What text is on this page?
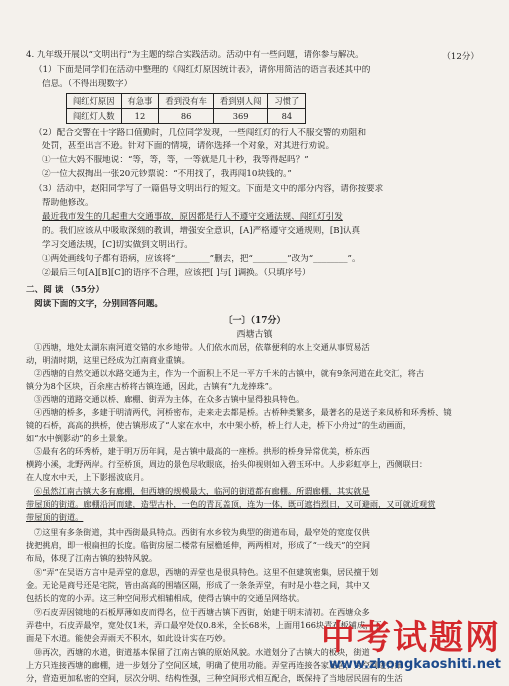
4. 九年级开展以“文明出行”为主题的综合实践活动。活动中有一些问题，请你参与解决。	（12分）
（1）下面是同学们在活动中整理的《闯红灯原因统计表》，请你用简洁的语言表述其中的
信息。（不得出现数字）
闯红灯原因	有急事	看到没有车	看到别人闯	习惯了
闯红灯人数	12	86	369	84
（2）配合交警在十字路口值勤时，几位同学发现，一些闯红灯的行人不服交警的劝阻和
处罚，甚至出言不逊。针对下面的情境，请你选择一个对象，对其进行劝说。
①一位大妈不服地说：“等，等，等，一等就是几十秒，我等得起吗？”
②一位大叔掏出一张20元钞票说：“不用找了，我再闯10块钱的。”
（3）活动中，赵阳同学写了一篇倡导文明出行的短文。下面是文中的部分内容，请你按要求
帮助他修改。
最近我市发生的几起重大交通事故，原因都是行人不遵守交通法规、闯红灯引发
的。我们应该从中吸取深刻的教训，增强安全意识，[A]严格遵守交通规则，[B]认真
学习交通法规，[C]切实做到文明出行。
①两处画线句子都有语病，应该将“________”删去，把“________”改为“________”。
②最后三句[A][B][C]的语序不合理，应该把[ ]与[ ]调换。（只填序号）
二、阅 读 （55分）
阅读下面的文字，分别回答问题。
〔一〕（17分）
西塘古镇
①西塘，地处太湖东南河道交错的水乡地带。人们依水而居，依靠便利的水上交通从事贸易活
动，明清时期，这里已经成为江南商业重镇。
②西塘的自然交通以水路交通为主，作为一个面积上不足一平方千米的古镇中，就有9条河道在此交汇，将古
镇分为8个区块，百余座古桥将古镇连通，因此，古镇有“九龙捧珠”。
③西塘的道路交通以桥、廊棚、街弄为主体，在众多古镇中显得独具特色。
④西塘的桥多，多建于明清两代，河桥密布，走来走去都是桥。古桥种类繁多，最著名的是送子来凤桥和环秀桥、镜
镜的石桥，高高的拱桥，使古镇形成了“人家在水中，水中架小桥，桥上行人走，桥下小舟过”的生动画面，
如“水中倒影动”的乡土景象。
⑤最有名的环秀桥，建于明万历年间，是古镇中最高的一座桥。拱形的桥身异常优美，桥东西
横跨小溪，北野两岸。行至桥顶，周边的景色尽收眼底，抬头仰视则如入碧玉环中。人步彩虹亭上，西侧联曰：
在人度水中天，上下影摇波底月。
⑥虽然江南古镇大多有廊棚，但西塘的规模最大，临河的街道都有廊棚。所谓廊棚，其实就是
带屋顶的街道。廊棚沿河而建，造型古朴，一色的青瓦盖顶，连为一体，既可遮挡烈日，又可避雨，又可就近观赏
带屋顶的街道。
⑦这里有多条街道，其中西街最具特点。西街有水乡较为典型的街道布局，最窄处的宽度仅供
拢把挑肩，即一根扁担的长度。临街房屋二楼常有屋檐延伸，两两相对，形成了“一线天”的空间
布局，体现了江南古镇的独特风貌。
⑧“弄”在吴语方言中是弄堂的意思，西塘的弄堂也是很具特色。这里不但建筑密集，居民擅于划
金。无论是商号还是宅院，皆由高高的围墙区隔，形成了一条条弄堂，有时是小巷之间，其中又
包括长的宽的小弄。这三种空间形式相辅相成，使得古镇中的交通呈网络状。
⑨石皮弄因镜地的石板厚薄如皮而得名，位于西塘古镇下西街，始建于明末清初。在西塘众多
弄巷中，石皮弄最窄，宽处仅1米，弄口最窄处仅0.8米，全长68米，上面用166块青石板铺成，下
面是下水道。能使会弄雨天不积水，如此设计实在巧妙。
⑩再次，西塘的水道，街道基本保留了江南古镇的原始风貌。水道划分了古镇大的板块，街道
上方只连接西塘的廊棚，进一步划分了空间区域，明确了使用功能。弄堂再连接各家屋舍，为空间进行细
分，营造更加私密的空间，层次分明、结构性强，三种空间形式相互配合，既保持了当地居民固有的生活
中考试题网
www.zhongkaoshiti.net
